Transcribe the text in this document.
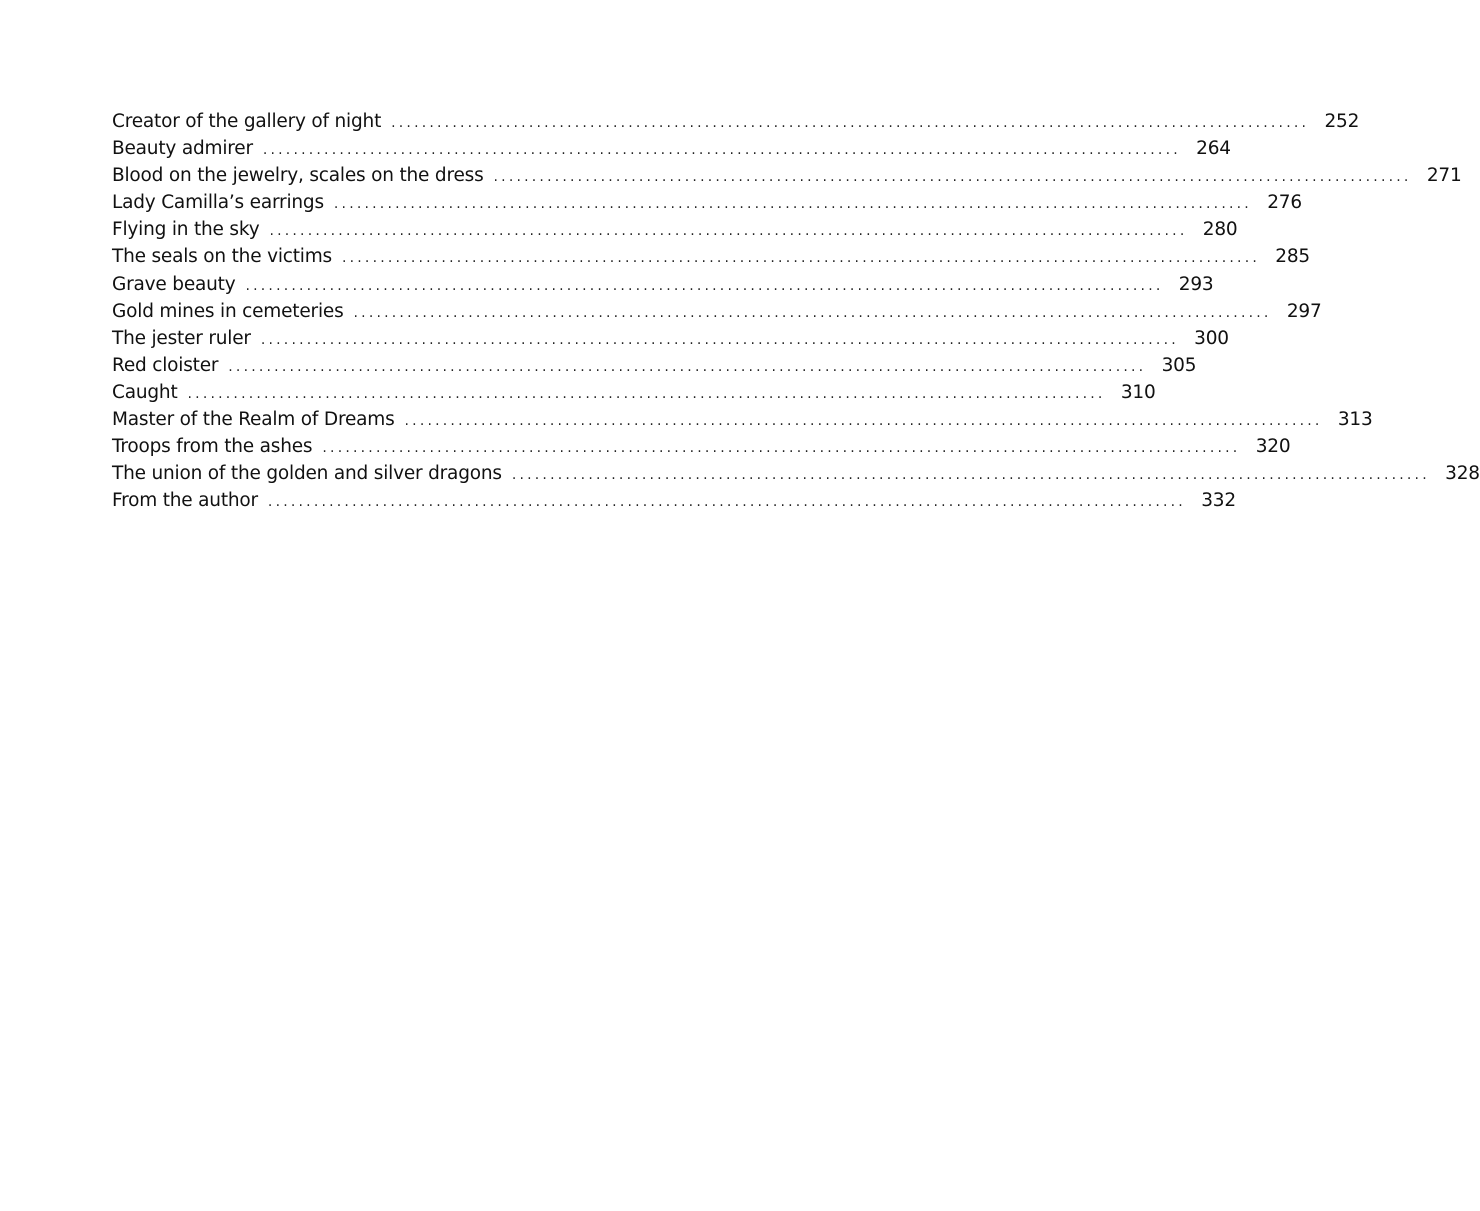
Creator of the gallery of night ........................................................................................................................ 252
Beauty admirer ........................................................................................................................ 264
Blood on the jewelry, scales on the dress ........................................................................................................................ 271
Lady Camilla’s earrings ........................................................................................................................ 276
Flying in the sky ........................................................................................................................ 280
The seals on the victims ........................................................................................................................ 285
Grave beauty ........................................................................................................................ 293
Gold mines in cemeteries ........................................................................................................................ 297
The jester ruler ........................................................................................................................ 300
Red cloister ........................................................................................................................ 305
Caught ........................................................................................................................ 310
Master of the Realm of Dreams ........................................................................................................................ 313
Troops from the ashes ........................................................................................................................ 320
The union of the golden and silver dragons ........................................................................................................................ 328
From the author ........................................................................................................................ 332
